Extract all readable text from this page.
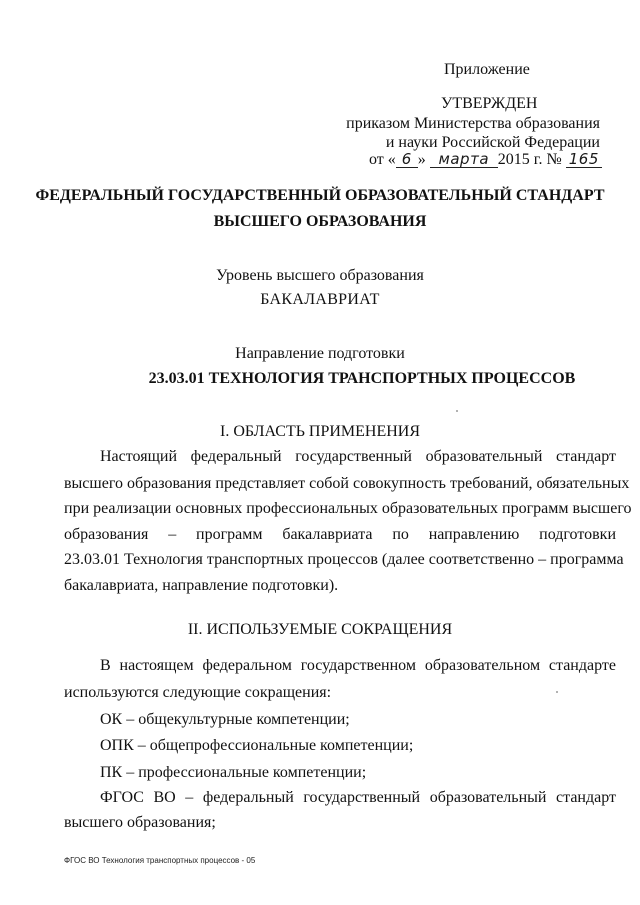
Приложение
УТВЕРЖДЕН
приказом Министерства образования
и науки Российской Федерации
от « 6 » марта 2015 г. № 165
ФЕДЕРАЛЬНЫЙ ГОСУДАРСТВЕННЫЙ ОБРАЗОВАТЕЛЬНЫЙ СТАНДАРТ
ВЫСШЕГО ОБРАЗОВАНИЯ
Уровень высшего образования
БАКАЛАВРИАТ
Направление подготовки
23.03.01 ТЕХНОЛОГИЯ ТРАНСПОРТНЫХ ПРОЦЕССОВ
I. ОБЛАСТЬ ПРИМЕНЕНИЯ
Настоящий федеральный государственный образовательный стандарт
высшего образования представляет собой совокупность требований, обязательных
при реализации основных профессиональных образовательных программ высшего
образования – программ бакалавриата по направлению подготовки
23.03.01 Технология транспортных процессов (далее соответственно – программа
бакалавриата, направление подготовки).
II. ИСПОЛЬЗУЕМЫЕ СОКРАЩЕНИЯ
В настоящем федеральном государственном образовательном стандарте
используются следующие сокращения:
ОК – общекультурные компетенции;
ОПК – общепрофессиональные компетенции;
ПК – профессиональные компетенции;
ФГОС ВО – федеральный государственный образовательный стандарт
высшего образования;
ФГОС ВО Технология транспортных процессов - 05
